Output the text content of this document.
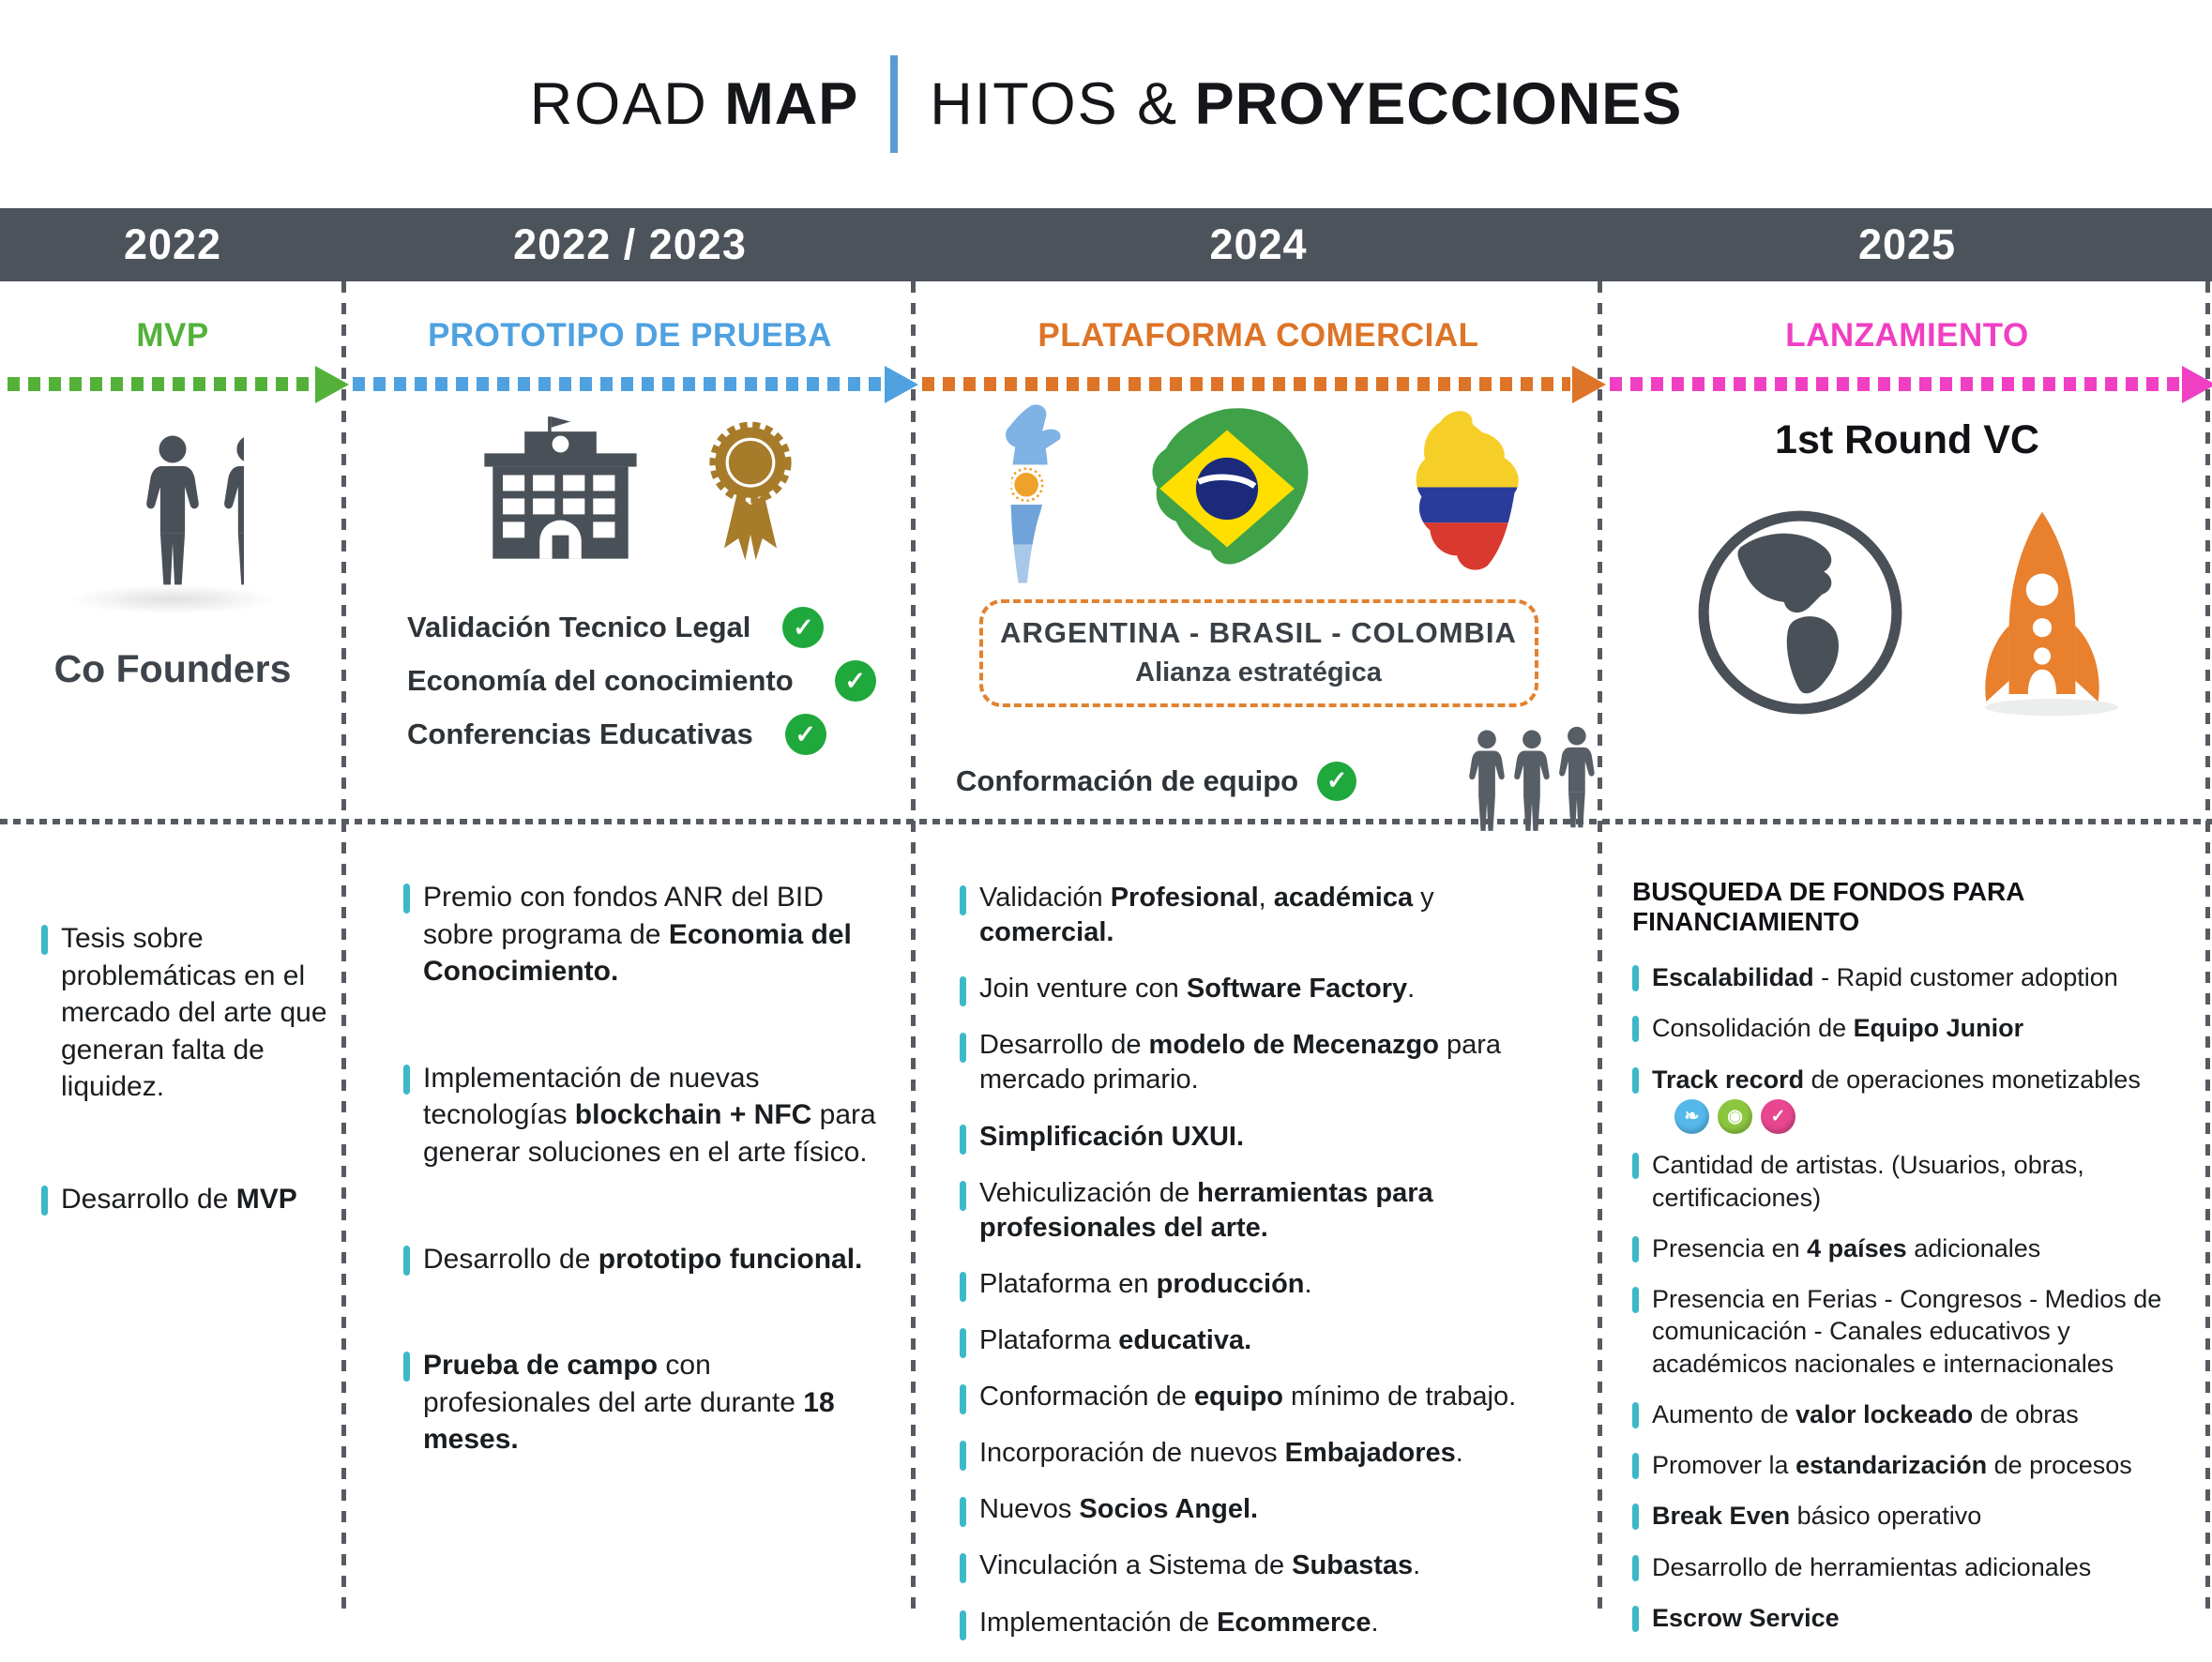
ROAD MAP HITOS & PROYECCIONES
2022	2022 / 2023	2024	2025
MVP
Co Founders
Tesis sobre problemáticas en el mercado del arte que generan falta de liquidez.
Desarrollo de MVP
PROTOTIPO DE PRUEBA
Validación Tecnico Legal	✓
Economía del conocimiento	✓
Conferencias Educativas	✓
Premio con fondos ANR del BID sobre programa de Economia del Conocimiento.
Implementación de nuevas tecnologías blockchain + NFC para generar soluciones en el arte físico.
Desarrollo de prototipo funcional.
Prueba de campo con profesionales del arte durante 18 meses.
PLATAFORMA COMERCIAL
ARGENTINA - BRASIL - COLOMBIA
Alianza estratégica
Conformación de equipo	✓
Validación Profesional, académica y comercial.
Join venture con Software Factory.
Desarrollo de modelo de Mecenazgo para mercado primario.
Simplificación UXUI.
Vehiculización de herramientas para profesionales del arte.
Plataforma en producción.
Plataforma educativa.
Conformación de equipo mínimo de trabajo.
Incorporación de nuevos Embajadores.
Nuevos Socios Angel.
Vinculación a Sistema de Subastas.
Implementación de Ecommerce.
LANZAMIENTO
1st Round VC
BUSQUEDA DE FONDOS PARA FINANCIAMIENTO
Escalabilidad - Rapid customer adoption
Consolidación de Equipo Junior
Track record de operaciones monetizables
❧	◉	✓
Cantidad de artistas. (Usuarios, obras, certificaciones)
Presencia en 4 países adicionales
Presencia en Ferias - Congresos - Medios de comunicación - Canales educativos y académicos nacionales e internacionales
Aumento de valor lockeado de obras
Promover la estandarización de procesos
Break Even básico operativo
Desarrollo de herramientas adicionales
Escrow Service
